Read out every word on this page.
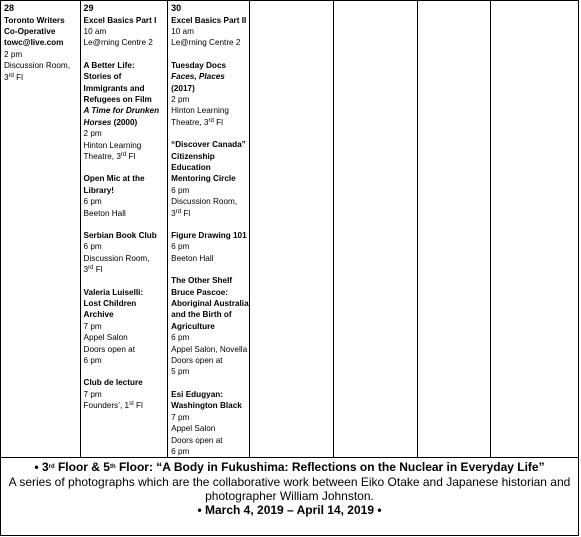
28
Toronto Writers
Co-Operative
towc@live.com
2 pm
Discussion Room,
3rd Fl

29
Excel Basics Part I
10 am
Le@rning Centre 2
A Better Life:
Stories of
Immigrants and
Refugees on Film
A Time for Drunken
Horses (2000)
2 pm
Hinton Learning
Theatre, 3rd Fl
Open Mic at the
Library!
6 pm
Beeton Hall
Serbian Book Club
6 pm
Discussion Room,
3rd Fl
Valeria Luiselli:
Lost Children
Archive
7 pm
Appel Salon
Doors open at
6 pm
Club de lecture
7 pm
Founders’, 1st Fl

30
Excel Basics Part II
10 am
Le@rning Centre 2
Tuesday Docs
Faces, Places
(2017)
2 pm
Hinton Learning
Theatre, 3rd Fl
“Discover Canada”
Citizenship
Education
Mentoring Circle
6 pm
Discussion Room,
3rd Fl
Figure Drawing 101
6 pm
Beeton Hall
The Other Shelf
Bruce Pascoe:
Aboriginal Australia
and the Birth of
Agriculture
6 pm
Appel Salon, Novella
Doors open at
5 pm
Esi Edugyan:
Washington Black
7 pm
Appel Salon
Doors open at
6 pm

• 3rd Floor & 5th Floor: “A Body in Fukushima: Reflections on the Nuclear in Everyday Life”
A series of photographs which are the collaborative work between Eiko Otake and Japanese historian and photographer William Johnston.
• March 4, 2019 – April 14, 2019 •
